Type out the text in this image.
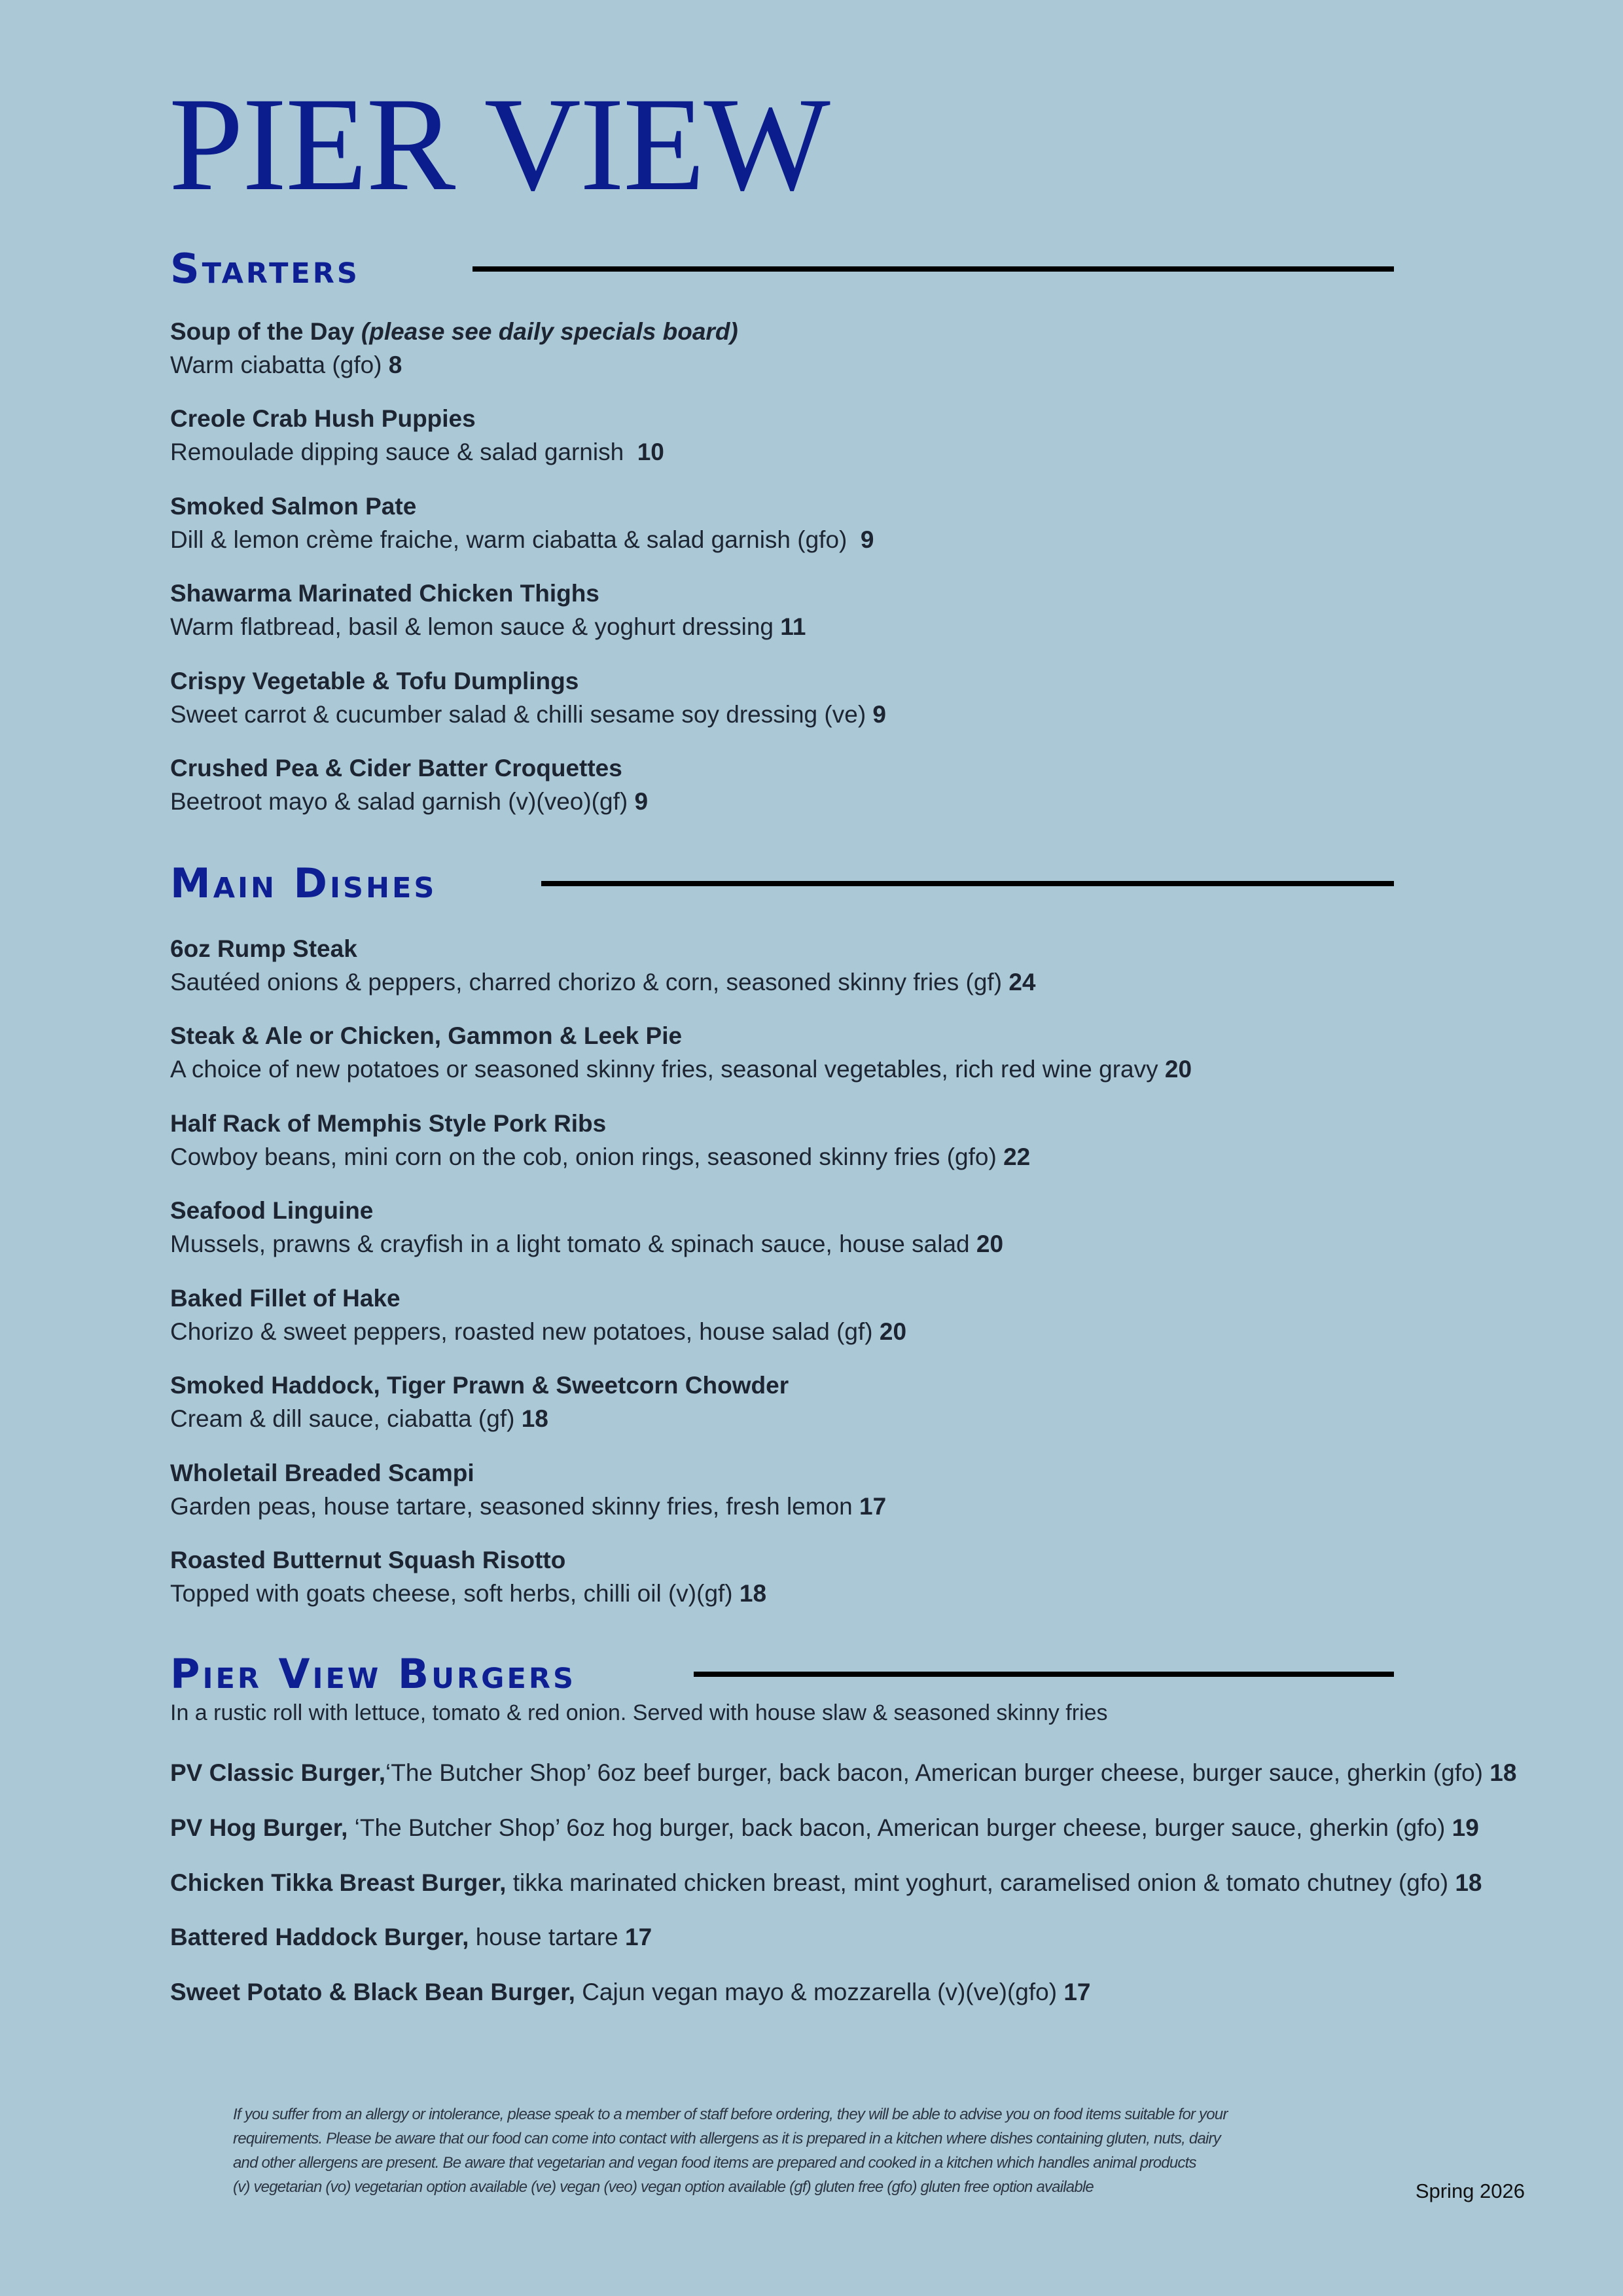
PIER VIEW
Starters
Soup of the Day (please see daily specials board)
Warm ciabatta (gfo) 8
Creole Crab Hush Puppies
Remoulade dipping sauce & salad garnish 10
Smoked Salmon Pate
Dill & lemon crème fraiche, warm ciabatta & salad garnish (gfo) 9
Shawarma Marinated Chicken Thighs
Warm flatbread, basil & lemon sauce & yoghurt dressing 11
Crispy Vegetable & Tofu Dumplings
Sweet carrot & cucumber salad & chilli sesame soy dressing (ve) 9
Crushed Pea & Cider Batter Croquettes
Beetroot mayo & salad garnish (v)(veo)(gf) 9
Main Dishes
6oz Rump Steak
Sautéed onions & peppers, charred chorizo & corn, seasoned skinny fries (gf) 24
Steak & Ale or Chicken, Gammon & Leek Pie
A choice of new potatoes or seasoned skinny fries, seasonal vegetables, rich red wine gravy 20
Half Rack of Memphis Style Pork Ribs
Cowboy beans, mini corn on the cob, onion rings, seasoned skinny fries (gfo) 22
Seafood Linguine
Mussels, prawns & crayfish in a light tomato & spinach sauce, house salad 20
Baked Fillet of Hake
Chorizo & sweet peppers, roasted new potatoes, house salad (gf) 20
Smoked Haddock, Tiger Prawn & Sweetcorn Chowder
Cream & dill sauce, ciabatta (gf) 18
Wholetail Breaded Scampi
Garden peas, house tartare, seasoned skinny fries, fresh lemon 17
Roasted Butternut Squash Risotto
Topped with goats cheese, soft herbs, chilli oil (v)(gf) 18
Pier View Burgers
In a rustic roll with lettuce, tomato & red onion. Served with house slaw & seasoned skinny fries
PV Classic Burger,‘The Butcher Shop’ 6oz beef burger, back bacon, American burger cheese, burger sauce, gherkin (gfo) 18
PV Hog Burger, ‘The Butcher Shop’ 6oz hog burger, back bacon, American burger cheese, burger sauce, gherkin (gfo) 19
Chicken Tikka Breast Burger, tikka marinated chicken breast, mint yoghurt, caramelised onion & tomato chutney (gfo) 18
Battered Haddock Burger, house tartare 17
Sweet Potato & Black Bean Burger, Cajun vegan mayo & mozzarella (v)(ve)(gfo) 17

If you suffer from an allergy or intolerance, please speak to a member of staff before ordering, they will be able to advise you on food items suitable for your

requirements. Please be aware that our food can come into contact with allergens as it is prepared in a kitchen where dishes containing gluten, nuts, dairy

and other allergens are present. Be aware that vegetarian and vegan food items are prepared and cooked in a kitchen which handles animal products

(v) vegetarian (vo) vegetarian option available (ve) vegan (veo) vegan option available (gf) gluten free (gfo) gluten free option available	Spring 2026
